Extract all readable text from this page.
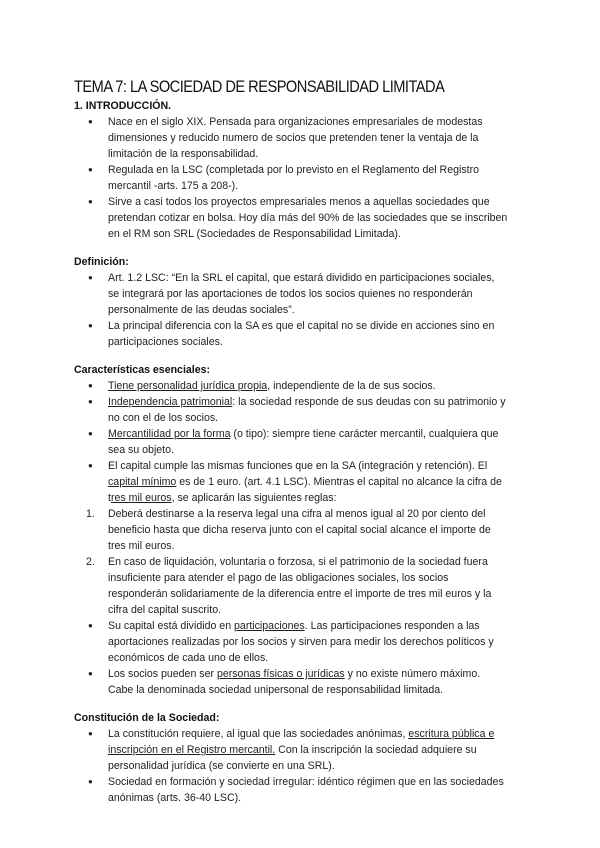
TEMA 7: LA SOCIEDAD DE RESPONSABILIDAD LIMITADA
1. INTRODUCCIÓN.
● Nace en el siglo XIX. Pensada para organizaciones empresariales de modestas
dimensiones y reducido numero de socios que pretenden tener la ventaja de la
limitación de la responsabilidad.
● Regulada en la LSC (completada por lo previsto en el Reglamento del Registro
mercantil -arts. 175 a 208-).
● Sirve a casi todos los proyectos empresariales menos a aquellas sociedades que
pretendan cotizar en bolsa. Hoy día más del 90% de las sociedades que se inscriben
en el RM son SRL (Sociedades de Responsabilidad Limitada).
Definición:
● Art. 1.2 LSC: “En la SRL el capital, que estará dividido en participaciones sociales,
se integrará por las aportaciones de todos los socios quienes no responderán
personalmente de las deudas sociales”.
● La principal diferencia con la SA es que el capital no se divide en acciones sino en
participaciones sociales.
Características esenciales:
● Tiene personalidad jurídica propia, independiente de la de sus socios.
● Independencia patrimonial: la sociedad responde de sus deudas con su patrimonio y
no con el de los socios.
● Mercantilidad por la forma (o tipo): siempre tiene carácter mercantil, cualquiera que
sea su objeto.
● El capital cumple las mismas funciones que en la SA (integración y retención). El
capital mínimo es de 1 euro. (art. 4.1 LSC). Mientras el capital no alcance la cifra de
tres mil euros, se aplicarán las siguientes reglas:
1. Deberá destinarse a la reserva legal una cifra al menos igual al 20 por ciento del
beneficio hasta que dicha reserva junto con el capital social alcance el importe de
tres mil euros.
2. En caso de liquidación, voluntaria o forzosa, si el patrimonio de la sociedad fuera
insuficiente para atender el pago de las obligaciones sociales, los socios
responderán solidariamente de la diferencia entre el importe de tres mil euros y la
cifra del capital suscrito.
● Su capital está dividido en participaciones. Las participaciones responden a las
aportaciones realizadas por los socios y sirven para medir los derechos políticos y
económicos de cada uno de ellos.
● Los socios pueden ser personas físicas o jurídicas y no existe número máximo.
Cabe la denominada sociedad unipersonal de responsabilidad limitada.
Constitución de la Sociedad:
● La constitución requiere, al igual que las sociedades anónimas, escritura pública e
inscripción en el Registro mercantil. Con la inscripción la sociedad adquiere su
personalidad jurídica (se convierte en una SRL).
● Sociedad en formación y sociedad irregular: idéntico régimen que en las sociedades
anónimas (arts. 36-40 LSC).
